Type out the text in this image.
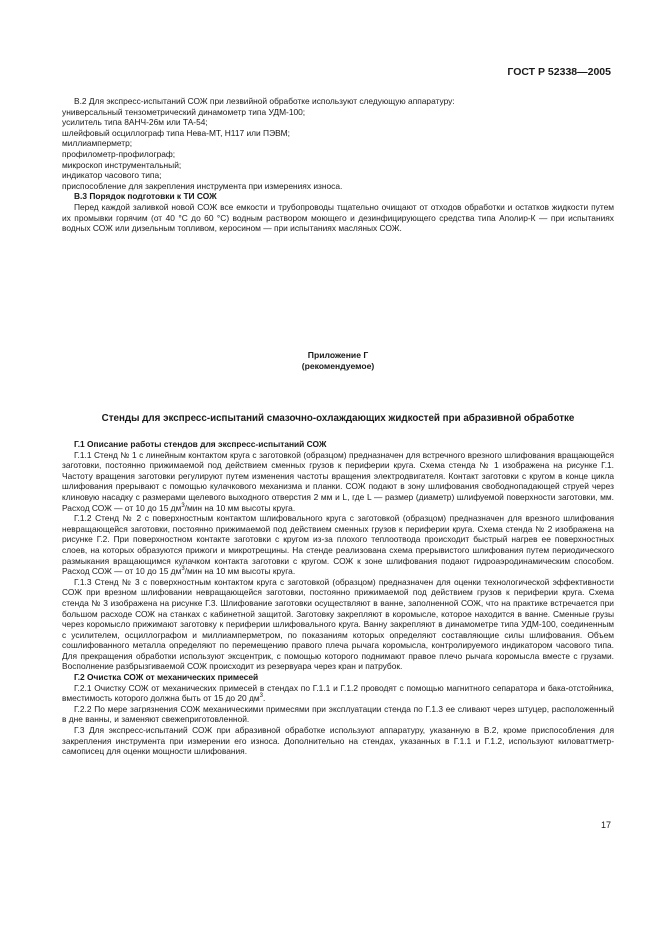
ГОСТ Р 52338—2005

В.2 Для экспресс-испытаний СОЖ при лезвийной обработке используют следующую аппаратуру:

универсальный тензометрический динамометр типа УДМ-100;

усилитель типа 8АНЧ-26м или ТА-54;

шлейфовый осциллограф типа Нева-МТ, Н117 или ПЭВМ;

миллиамперметр;

профилометр-профилограф;

микроскоп инструментальный;

индикатор часового типа;

приспособление для закрепления инструмента при измерениях износа.

В.3 Порядок подготовки к ТИ СОЖ

Перед каждой заливкой новой СОЖ все емкости и трубопроводы тщательно очищают от отходов обработки и остатков жидкости путем их промывки горячим (от 40 °С до 60 °С) водным раствором моющего и дезинфицирующего средства типа Аполир-К — при испытаниях водных СОЖ или дизельным топливом, керосином — при испытаниях масляных СОЖ.

Приложение Г
(рекомендуемое)
Стенды для экспресс-испытаний смазочно-охлаждающих жидкостей при абразивной обработке

Г.1 Описание работы стендов для экспресс-испытаний СОЖ

Г.1.1 Стенд № 1 с линейным контактом круга с заготовкой (образцом) предназначен для встречного врезного шлифования вращающейся заготовки, постоянно прижимаемой под действием сменных грузов к периферии круга. Схема стенда № 1 изображена на рисунке Г.1. Частоту вращения заготовки регулируют путем изменения частоты вращения электродвигателя. Контакт заготовки с кругом в конце цикла шлифования прерывают с помощью кулачкового механизма и планки. СОЖ подают в зону шлифования свободнопадающей струей через клиновую насадку с размерами щелевого выходного отверстия 2 мм и L, где L — размер (диаметр) шлифуемой поверхности заготовки, мм. Расход СОЖ — от 10 до 15 $дм^3$/мин на 10 мм высоты круга.

Г.1.2 Стенд № 2 с поверхностным контактом шлифовального круга с заготовкой (образцом) предназначен для врезного шлифования невращающейся заготовки, постоянно прижимаемой под действием сменных грузов к периферии круга. Схема стенда № 2 изображена на рисунке Г.2. При поверхностном контакте заготовки с кругом из-за плохого теплоотвода происходит быстрый нагрев ее поверхностных слоев, на которых образуются прижоги и микротрещины. На стенде реализована схема прерывистого шлифования путем периодического размыкания вращающимся кулачком контакта заготовки с кругом. СОЖ к зоне шлифования подают гидроаэродинамическим способом. Расход СОЖ — от 10 до 15 $дм^3$/мин на 10 мм высоты круга.

Г.1.3 Стенд № 3 с поверхностным контактом круга с заготовкой (образцом) предназначен для оценки технологической эффективности СОЖ при врезном шлифовании невращающейся заготовки, постоянно прижимаемой под действием грузов к периферии круга. Схема стенда № 3 изображена на рисунке Г.3. Шлифование заготовки осуществляют в ванне, заполненной СОЖ, что на практике встречается при большом расходе СОЖ на станках с кабинетной защитой. Заготовку закрепляют в коромысле, которое находится в ванне. Сменные грузы через коромысло прижимают заготовку к периферии шлифовального круга. Ванну закрепляют в динамометре типа УДМ-100, соединенным с усилителем, осциллографом и миллиамперметром, по показаниям которых определяют составляющие силы шлифования. Объем сошлифованного металла определяют по перемещению правого плеча рычага коромысла, контролируемого индикатором часового типа. Для прекращения обработки используют эксцентрик, с помощью которого поднимают правое плечо рычага коромысла вместе с грузами. Восполнение разбрызгиваемой СОЖ происходит из резервуара через кран и патрубок.

Г.2 Очистка СОЖ от механических примесей

Г.2.1 Очистку СОЖ от механических примесей в стендах по Г.1.1 и Г.1.2 проводят с помощью магнитного сепаратора и бака-отстойника, вместимость которого должна быть от 15 до 20 $дм^3$.

Г.2.2 По мере загрязнения СОЖ механическими примесями при эксплуатации стенда по Г.1.3 ее сливают через штуцер, расположенный в дне ванны, и заменяют свежеприготовленной.

Г.3 Для экспресс-испытаний СОЖ при абразивной обработке используют аппаратуру, указанную в В.2, кроме приспособления для закрепления инструмента при измерении его износа. Дополнительно на стендах, указанных в Г.1.1 и Г.1.2, используют киловаттметр-самописец для оценки мощности шлифования.

17
